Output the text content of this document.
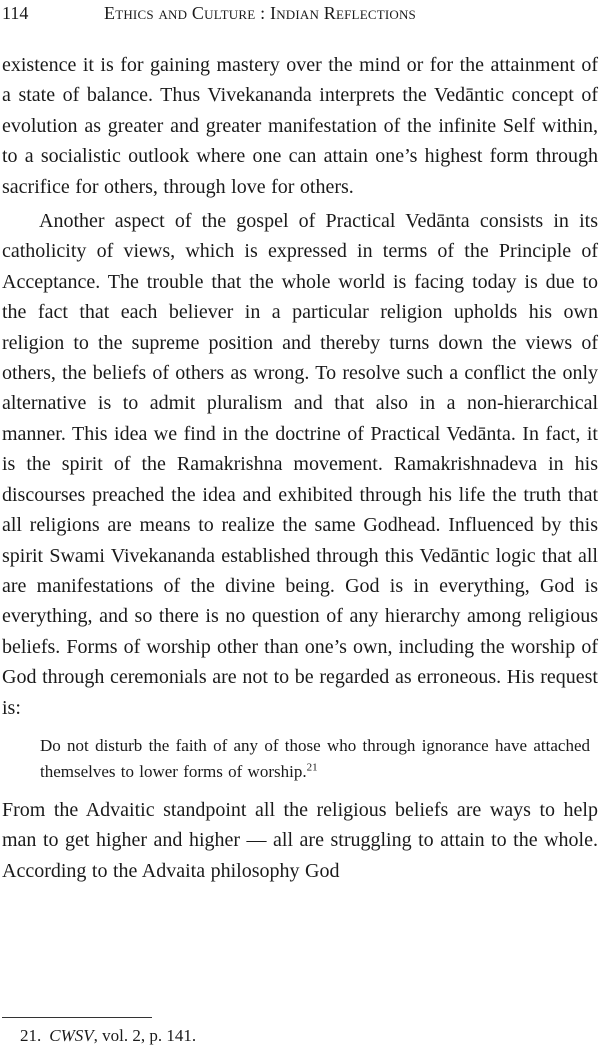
114	Ethics and Culture : Indian Reflections

existence it is for gaining mastery over the mind or for the attainment of a state of balance. Thus Vivekananda interprets the Vedāntic concept of evolution as greater and greater manifestation of the infinite Self within, to a socialistic outlook where one can attain one’s highest form through sacrifice for others, through love for others.

Another aspect of the gospel of Practical Vedānta consists in its catholicity of views, which is expressed in terms of the Principle of Acceptance. The trouble that the whole world is facing today is due to the fact that each believer in a particular religion upholds his own religion to the supreme position and thereby turns down the views of others, the beliefs of others as wrong. To resolve such a conflict the only alternative is to admit pluralism and that also in a non-hierarchical manner. This idea we find in the doctrine of Practical Vedānta. In fact, it is the spirit of the Ramakrishna movement. Ramakrishnadeva in his discourses preached the idea and exhibited through his life the truth that all religions are means to realize the same Godhead. Influenced by this spirit Swami Vivekananda established through this Vedāntic logic that all are manifestations of the divine being. God is in everything, God is everything, and so there is no question of any hierarchy among religious beliefs. Forms of worship other than one’s own, including the worship of God through ceremonials are not to be regarded as erroneous. His request is:

Do not disturb the faith of any of those who through ignorance have attached themselves to lower forms of worship.$^{21}$

From the Advaitic standpoint all the religious beliefs are ways to help man to get higher and higher — all are struggling to attain to the whole. According to the Advaita philosophy God

21. CWSV, vol. 2, p. 141.
